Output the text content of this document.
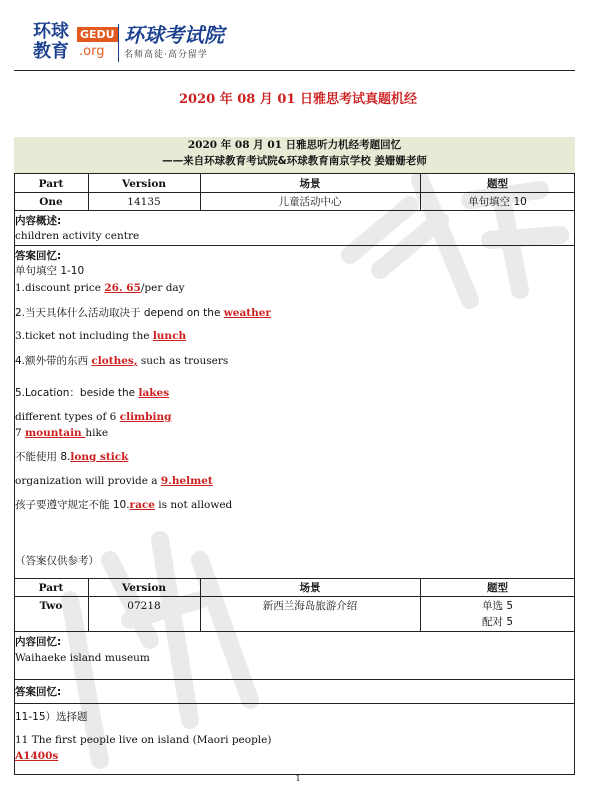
环球
教育
GEDU
.org
环球考试院
名师高徒·高分留学
2020 年 08 月 01 日雅思考试真题机经
2020 年 08 月 01 日雅思听力机经考题回忆
——来自环球教育考试院&环球教育南京学校 姜姗姗老师
Part	Version	场景	题型
One	14135	儿童活动中心	单句填空 10
内容概述:
children activity centre
答案回忆:
单句填空 1-10
1.discount price 26. 65/per day
2.当天具体什么活动取决于 depend on the weather
3.ticket not including the lunch
4.额外带的东西 clothes, such as trousers
5.Location：beside the lakes
different types of 6 climbing
7 mountain hike
不能使用 8.long stick
organization will provide a 9.helmet
孩子要遵守规定不能 10.race is not allowed
（答案仅供参考）
Part	Version	场景	题型
Two	07218	新西兰海岛旅游介绍	单选 5
配对 5
内容回忆:
Waihaeke island museum
答案回忆:
11-15）选择题
11 The first people live on island (Maori people)
A1400s
1
